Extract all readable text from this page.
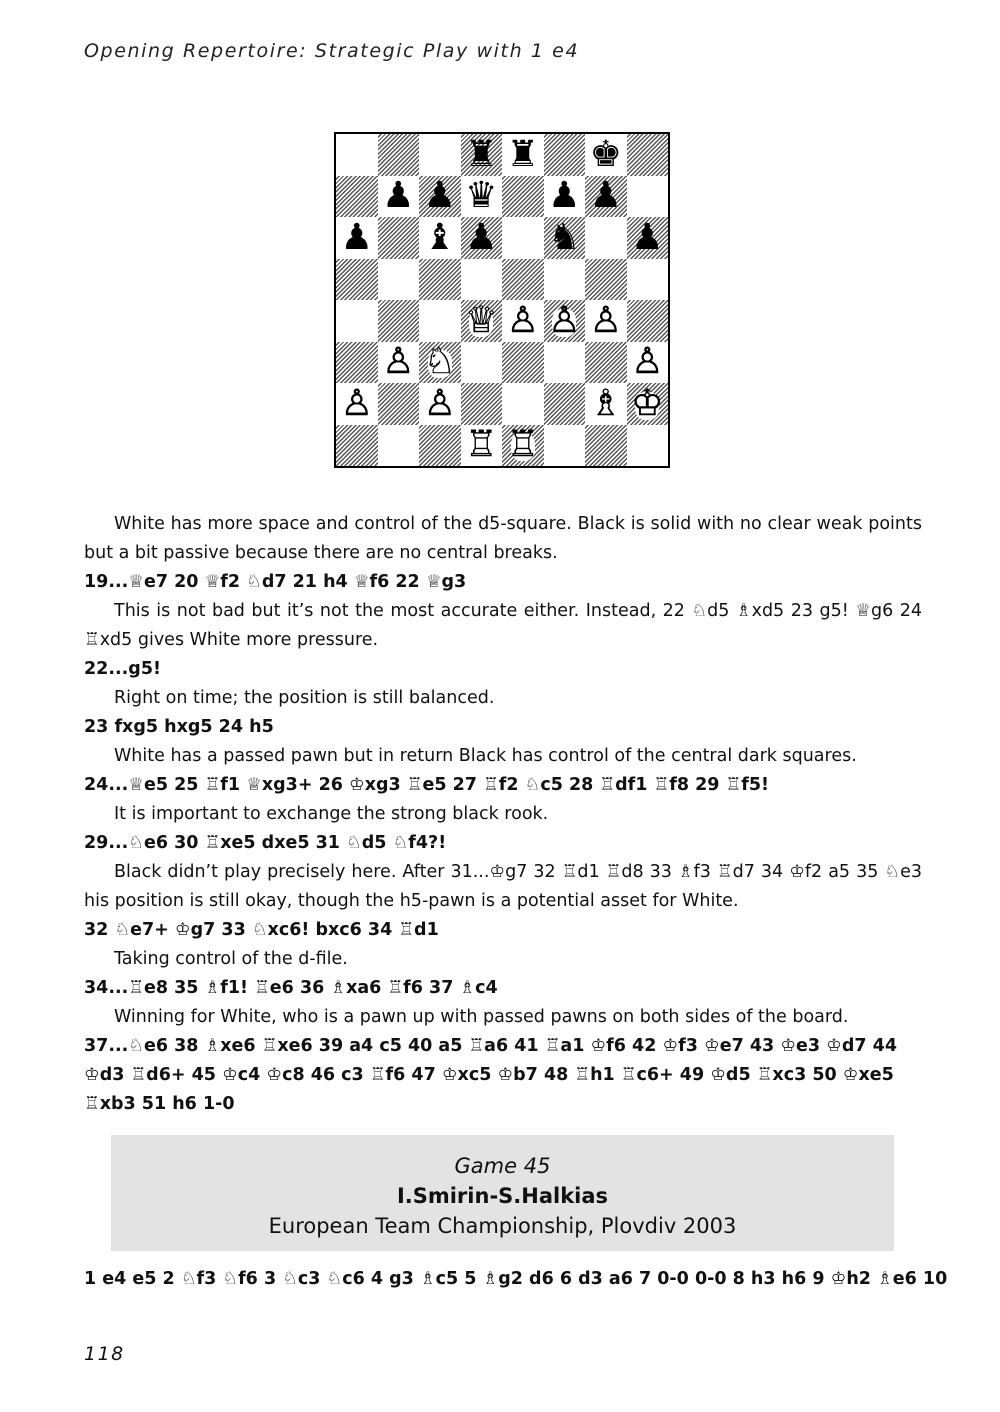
Opening Repertoire: Strategic Play with 1 e4
♜ ♜ ♚
♟ ♟ ♛ ♟ ♟
♟ ♝ ♟ ♞ ♟
♕ ♙ ♙ ♙
♙ ♘	♙
♙ ♙	♗ ♔
♖ ♖

White has more space and control of the d5-square. Black is solid with no clear weak points but a bit passive because there are no central breaks.

19...♕e7 20 ♕f2 ♘d7 21 h4 ♕f6 22 ♕g3

This is not bad but it’s not the most accurate either. Instead, 22 ♘d5 ♗xd5 23 g5! ♕g6 24 ♖xd5 gives White more pressure.

22...g5!

Right on time; the position is still balanced.

23 fxg5 hxg5 24 h5

White has a passed pawn but in return Black has control of the central dark squares.

24...♕e5 25 ♖f1 ♕xg3+ 26 ♔xg3 ♖e5 27 ♖f2 ♘c5 28 ♖df1 ♖f8 29 ♖f5!

It is important to exchange the strong black rook.

29...♘e6 30 ♖xe5 dxe5 31 ♘d5 ♘f4?!

Black didn’t play precisely here. After 31...♔g7 32 ♖d1 ♖d8 33 ♗f3 ♖d7 34 ♔f2 a5 35 ♘e3 his position is still okay, though the h5-pawn is a potential asset for White.

32 ♘e7+ ♔g7 33 ♘xc6! bxc6 34 ♖d1

Taking control of the d-file.

34...♖e8 35 ♗f1! ♖e6 36 ♗xa6 ♖f6 37 ♗c4

Winning for White, who is a pawn up with passed pawns on both sides of the board.

37...♘e6 38 ♗xe6 ♖xe6 39 a4 c5 40 a5 ♖a6 41 ♖a1 ♔f6 42 ♔f3 ♔e7 43 ♔e3 ♔d7 44 ♔d3 ♖d6+ 45 ♔c4 ♔c8 46 c3 ♖f6 47 ♔xc5 ♔b7 48 ♖h1 ♖c6+ 49 ♔d5 ♖xc3 50 ♔xe5 ♖xb3 51 h6 1-0

Game 45
I.Smirin-S.Halkias
European Team Championship, Plovdiv 2003
1 e4 e5 2 ♘f3 ♘f6 3 ♘c3 ♘c6 4 g3 ♗c5 5 ♗g2 d6 6 d3 a6 7 0-0 0-0 8 h3 h6 9 ♔h2 ♗e6 10
118
